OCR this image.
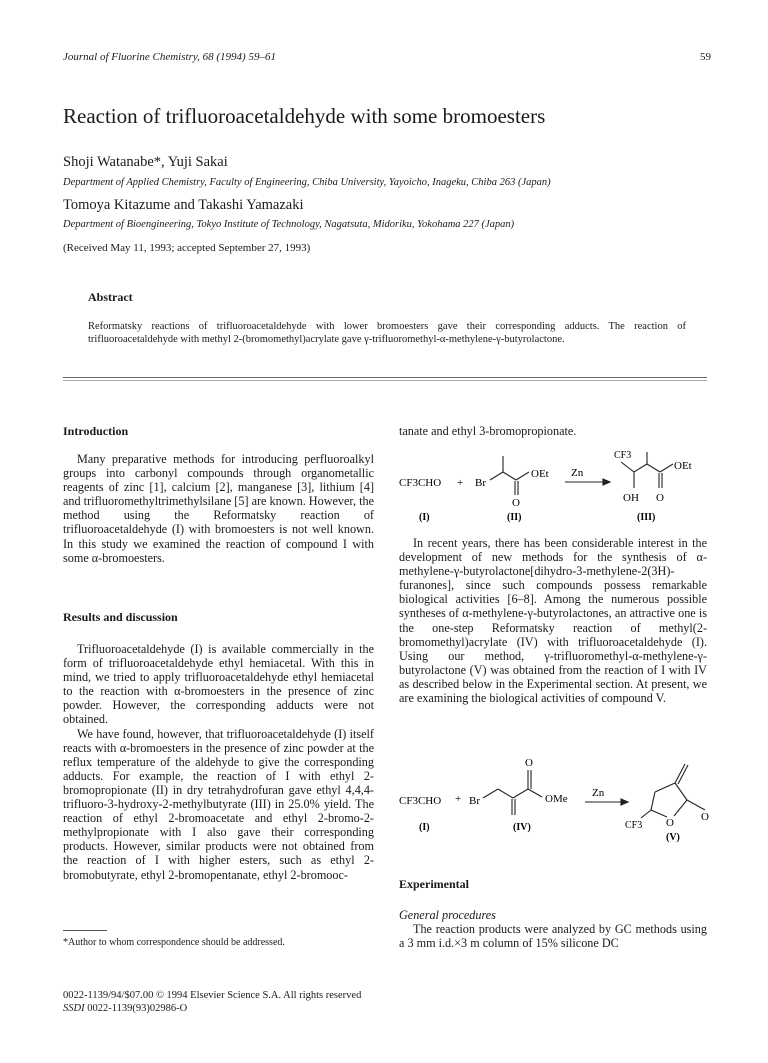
Journal of Fluorine Chemistry, 68 (1994) 59–61	59
Reaction of trifluoroacetaldehyde with some bromoesters
Shoji Watanabe*, Yuji Sakai
Department of Applied Chemistry, Faculty of Engineering, Chiba University, Yayoicho, Inageku, Chiba 263 (Japan)
Tomoya Kitazume and Takashi Yamazaki
Department of Bioengineering, Tokyo Institute of Technology, Nagatsuta, Midoriku, Yokohama 227 (Japan)
(Received May 11, 1993; accepted September 27, 1993)
Abstract
Reformatsky reactions of trifluoroacetaldehyde with lower bromoesters gave their corresponding adducts. The reaction of trifluoroacetaldehyde with methyl 2-(bromomethyl)acrylate gave γ-trifluoromethyl-α-methylene-γ-butyrolactone.
Introduction

Many preparative methods for introducing perfluoroalkyl groups into carbonyl compounds through organometallic reagents of zinc [1], calcium [2], manganese [3], lithium [4] and trifluoromethyltrimethylsilane [5] are known. However, the method using the Reformatsky reaction of trifluoroacetaldehyde (I) with bromoesters is not well known. In this study we examined the reaction of compound I with some α-bromoesters.

Results and discussion

Trifluoroacetaldehyde (I) is available commercially in the form of trifluoroacetaldehyde ethyl hemiacetal. With this in mind, we tried to apply trifluoroacetaldehyde ethyl hemiacetal to the reaction with α-bromoesters in the presence of zinc powder. However, the corresponding adducts were not obtained.

We have found, however, that trifluoroacetaldehyde (I) itself reacts with α-bromoesters in the presence of zinc powder at the reflux temperature of the aldehyde to give the corresponding adducts. For example, the reaction of I with ethyl 2-bromopropionate (II) in dry tetrahydrofuran gave ethyl 4,4,4-trifluoro-3-hydroxy-2-methylbutyrate (III) in 25.0% yield. The reaction of ethyl 2-bromoacetate and ethyl 2-bromo-2-methylpropionate with I also gave their corresponding products. However, similar products were not obtained from the reaction of I with higher esters, such as ethyl 2-bromobutyrate, ethyl 2-bromopentanate, ethyl 2-bromooc-

*Author to whom correspondence should be addressed.
tanate and ethyl 3-bromopropionate.
CF3CHO + Br
OEt
O
Zn
CF3
OEt
OH O
(I)	(II)	(III)

In recent years, there has been considerable interest in the development of new methods for the synthesis of α-methylene-γ-butyrolactone[dihydro-3-methylene-2(3H)-furanones], since such compounds possess remarkable biological activities [6–8]. Among the numerous possible syntheses of α-methylene-γ-butyrolactones, an attractive one is the one-step Reformatsky reaction of methyl(2-bromomethyl)acrylate (IV) with trifluoroacetaldehyde (I). Using our method, γ-trifluoromethyl-α-methylene-γ-butyrolactone (V) was obtained from the reaction of I with IV as described below in the Experimental section. At present, we are examining the biological activities of compound V.

CF3CHO + Br
O
OMe Zn
O O
CF3
(I)	(IV)
(V)
Experimental
General procedures

The reaction products were analyzed by GC methods using a 3 mm i.d.×3 m column of 15% silicone DC

0022-1139/94/$07.00 © 1994 Elsevier Science S.A. All rights reserved
SSDI 0022-1139(93)02986-O
